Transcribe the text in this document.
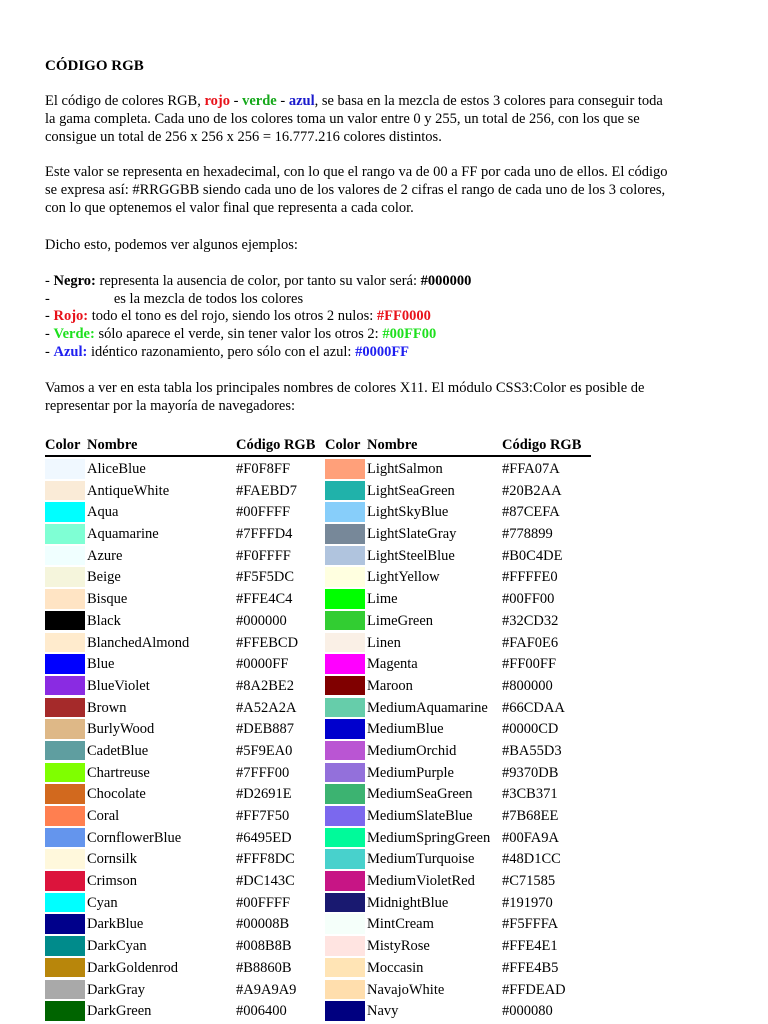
CÓDIGO RGB

El código de colores RGB, rojo - verde - azul, se basa en la mezcla de estos 3 colores para conseguir toda
la gama completa. Cada uno de los colores toma un valor entre 0 y 255, un total de 256, con los que se
consigue un total de 256 x 256 x 256 = 16.777.216 colores distintos.

Este valor se representa en hexadecimal, con lo que el rango va de 00 a FF por cada uno de ellos. El código
se expresa así: #RRGGBB siendo cada uno de los valores de 2 cifras el rango de cada uno de los 3 colores,
con lo que optenemos el valor final que representa a cada color.

Dicho esto, podemos ver algunos ejemplos:

- Negro: representa la ausencia de color, por tanto su valor será: #000000
-	es la mezcla de todos los colores
- Rojo: todo el tono es del rojo, siendo los otros 2 nulos: #FF0000
- Verde: sólo aparece el verde, sin tener valor los otros 2: #00FF00
- Azul: idéntico razonamiento, pero sólo con el azul: #0000FF

Vamos a ver en esta tabla los principales nombres de colores X11. El módulo CSS3:Color es posible de
representar por la mayoría de navegadores:

Color Nombre	Código RGB Color Nombre	Código RGB
AliceBlue	#F0F8FF	LightSalmon	#FFA07A
AntiqueWhite	#FAEBD7	LightSeaGreen	#20B2AA
Aqua	#00FFFF	LightSkyBlue	#87CEFA
Aquamarine	#7FFFD4	LightSlateGray	#778899
Azure	#F0FFFF	LightSteelBlue	#B0C4DE
Beige	#F5F5DC	LightYellow	#FFFFE0
Bisque	#FFE4C4	Lime	#00FF00
Black	#000000	LimeGreen	#32CD32
BlanchedAlmond	#FFEBCD	Linen	#FAF0E6
Blue	#0000FF	Magenta	#FF00FF
BlueViolet	#8A2BE2	Maroon	#800000
Brown	#A52A2A	MediumAquamarine #66CDAA
BurlyWood	#DEB887	MediumBlue	#0000CD
CadetBlue	#5F9EA0	MediumOrchid	#BA55D3
Chartreuse	#7FFF00	MediumPurple	#9370DB
Chocolate	#D2691E	MediumSeaGreen #3CB371
Coral	#FF7F50	MediumSlateBlue #7B68EE
CornflowerBlue	#6495ED	MediumSpringGreen #00FA9A
Cornsilk	#FFF8DC	MediumTurquoise #48D1CC
Crimson	#DC143C	MediumVioletRed #C71585
Cyan	#00FFFF	MidnightBlue	#191970
DarkBlue	#00008B	MintCream	#F5FFFA
DarkCyan	#008B8B	MistyRose	#FFE4E1
DarkGoldenrod	#B8860B	Moccasin	#FFE4B5
DarkGray	#A9A9A9	NavajoWhite	#FFDEAD
DarkGreen	#006400	Navy	#000080
